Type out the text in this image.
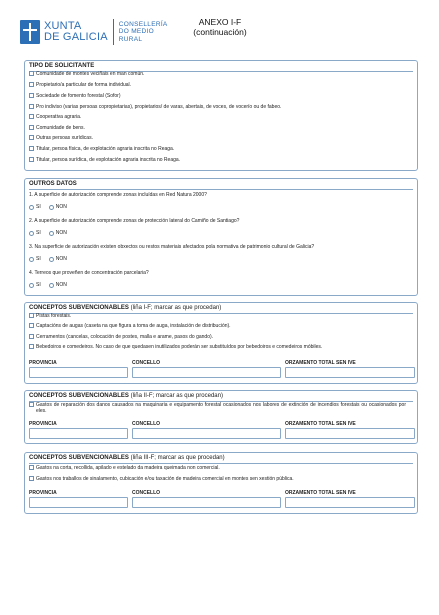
XUNTA
DE GALICIA
CONSELLERÍA
DO MEDIO
RURAL
ANEXO I-F
(continuación)
TIPO DE SOLICITANTE
Comunidade de montes veciñais en man común.
Propietario/a particular de forma individual.
Sociedade de fomento forestal (Sofor)
Pro indiviso (varias persoas copropietarias), propietarios/ de varas, abertais, de voces, de vocerío ou de fabeo.
Cooperativa agraria.
Comunidade de bens.
Outras persoas xurídicas.
Titular, persoa física, de explotación agraria inscrita no Reaga.
Titular, persoa xurídica, de explotación agraria inscrita no Reaga.
OUTROS DATOS
1. A superficie de autorización comprende zonas incluídas en Red Natura 2000?
SI	NON
2. A superficie de autorización comprende zonas de protección lateral do Camiño de Santiago?
SI	NON
3. Na superficie de autorización existen obxectos ou restos materiais afectados pola normativa de patrimonio cultural de Galicia?
SI	NON
4. Terreos que proveñen de concentración parcelaria?
SI	NON
CONCEPTOS SUBVENCIONABLES (liña I-F; marcar as que procedan)
Pistas forestais.
Captacións de augas (caseta na que figura a toma de auga, instalación de distribución).
Cerramentos (cancelas, colocación de postes, malla e arame, pasos do gando).
Bebedoiros e comedeiros. No caso de que quedasen inutilizados poderán ser substituídos por bebedoiros e comedeiros móbiles.
PROVINCIA	CONCELLO	ORZAMENTO TOTAL SEN IVE
CONCEPTOS SUBVENCIONABLES (liña II-F; marcar as que procedan)
Gastos de reparación dos danos causados na maquinaria e equipamento forestal ocasionados nos labores de extinción de incendios forestais ou ocasionados por eles.
PROVINCIA	CONCELLO	ORZAMENTO TOTAL SEN IVE
CONCEPTOS SUBVENCIONABLES (liña III-F; marcar as que procedan)
Gastos na corta, recollida, apilado e estelado da madeira queimada non comercial.
Gastos nos traballos de sinalamento, cubicación e/ou taxación de madeira comercial en montes sen xestión pública.
PROVINCIA	CONCELLO	ORZAMENTO TOTAL SEN IVE
